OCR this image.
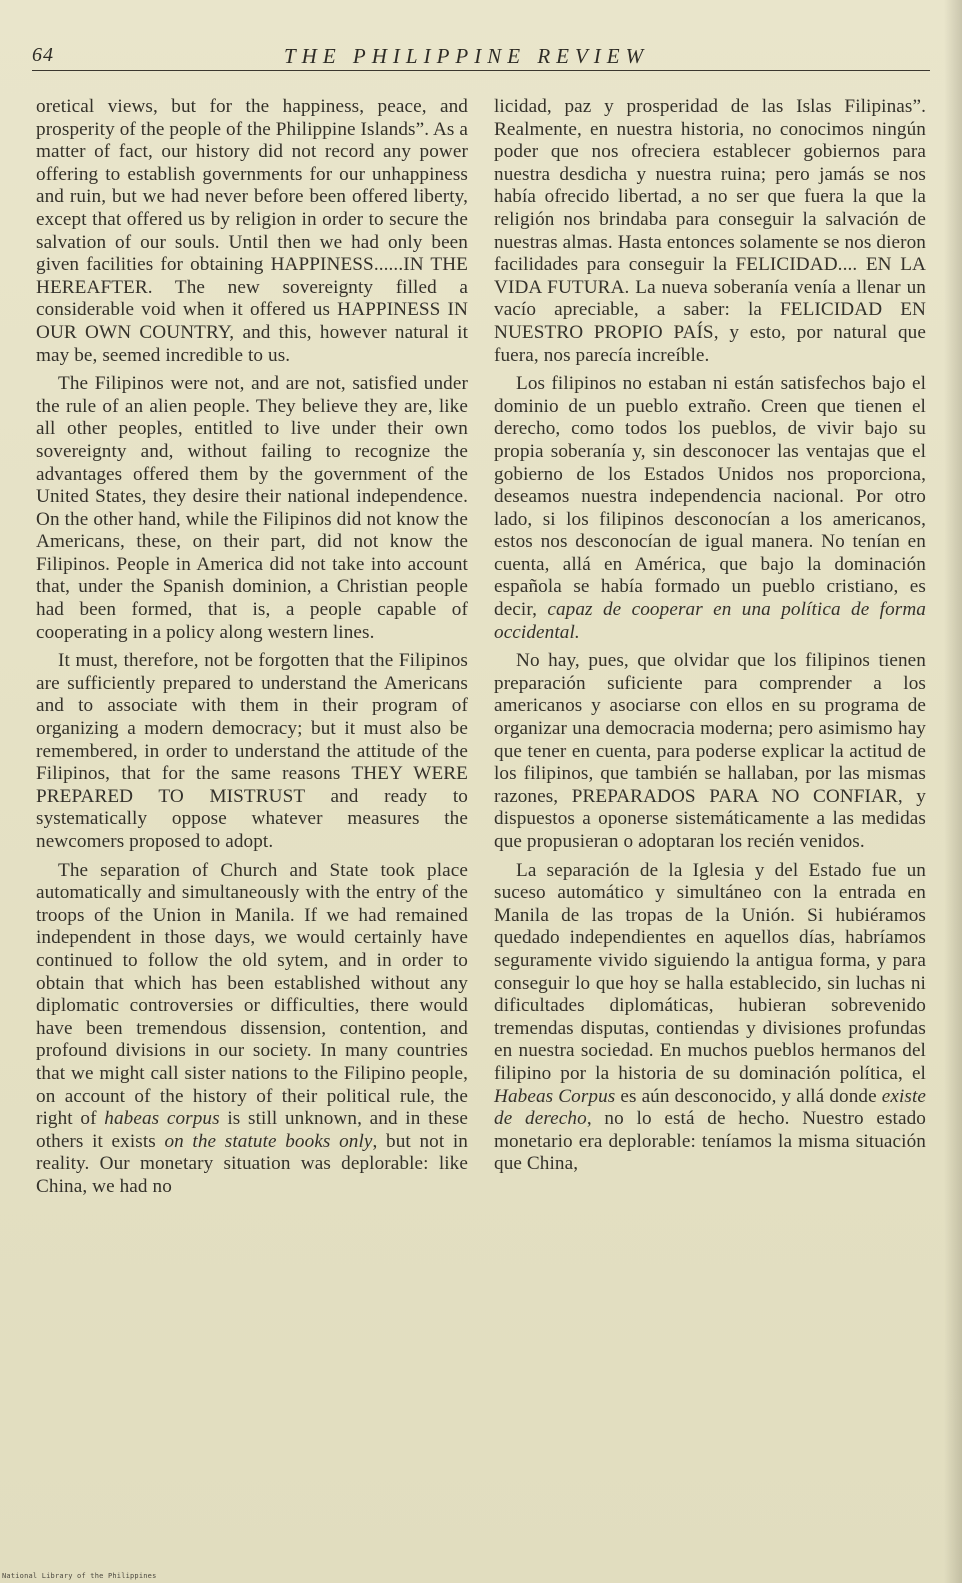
64	THE PHILIPPINE REVIEW

oretical views, but for the happiness, peace, and prosperity of the people of the Philippine Islands”. As a matter of fact, our history did not record any power offering to establish governments for our unhappiness and ruin, but we had never before been offered liberty, except that offered us by religion in order to secure the salvation of our souls. Until then we had only been given facilities for obtaining HAPPINESS......IN THE HEREAFTER. The new sovereignty filled a considerable void when it offered us HAPPINESS IN OUR OWN COUNTRY, and this, however natural it may be, seemed incredible to us.

The Filipinos were not, and are not, satisfied under the rule of an alien people. They believe they are, like all other peoples, entitled to live under their own sovereignty and, without failing to recognize the advantages offered them by the government of the United States, they desire their national independence. On the other hand, while the Filipinos did not know the Americans, these, on their part, did not know the Filipinos. People in America did not take into account that, under the Spanish dominion, a Christian people had been formed, that is, a people capable of cooperating in a policy along western lines.

It must, therefore, not be forgotten that the Filipinos are sufficiently prepared to understand the Americans and to associate with them in their program of organizing a modern democracy; but it must also be remembered, in order to understand the attitude of the Filipinos, that for the same reasons THEY WERE PREPARED TO MISTRUST and ready to systematically oppose whatever measures the newcomers proposed to adopt.

The separation of Church and State took place automatically and simultaneously with the entry of the troops of the Union in Manila. If we had remained independent in those days, we would certainly have continued to follow the old sytem, and in order to obtain that which has been established without any diplomatic controversies or difficulties, there would have been tremendous dissension, contention, and profound divisions in our society. In many countries that we might call sister nations to the Filipino people, on account of the history of their political rule, the right of habeas corpus is still unknown, and in these others it exists on the statute books only, but not in reality. Our monetary situation was deplorable: like China, we had no

licidad, paz y prosperidad de las Islas Filipinas”. Realmente, en nuestra historia, no conocimos ningún poder que nos ofreciera establecer gobiernos para nuestra desdicha y nuestra ruina; pero jamás se nos había ofrecido libertad, a no ser que fuera la que la religión nos brindaba para conseguir la salvación de nuestras almas. Hasta entonces solamente se nos dieron facilidades para conseguir la FELICIDAD.... EN LA VIDA FUTURA. La nueva soberanía venía a llenar un vacío apreciable, a saber: la FELICIDAD EN NUESTRO PROPIO PAÍS, y esto, por natural que fuera, nos parecía increíble.

Los filipinos no estaban ni están satisfechos bajo el dominio de un pueblo extraño. Creen que tienen el derecho, como todos los pueblos, de vivir bajo su propia soberanía y, sin desconocer las ventajas que el gobierno de los Estados Unidos nos proporciona, deseamos nuestra independencia nacional. Por otro lado, si los filipinos desconocían a los americanos, estos nos desconocían de igual manera. No tenían en cuenta, allá en América, que bajo la dominación española se había formado un pueblo cristiano, es decir, capaz de cooperar en una política de forma occidental.

No hay, pues, que olvidar que los filipinos tienen preparación suficiente para comprender a los americanos y asociarse con ellos en su programa de organizar una democracia moderna; pero asimismo hay que tener en cuenta, para poderse explicar la actitud de los filipinos, que también se hallaban, por las mismas razones, PREPARADOS PARA NO CONFIAR, y dispuestos a oponerse sistemáticamente a las medidas que propusieran o adoptaran los recién venidos.

La separación de la Iglesia y del Estado fue un suceso automático y simultáneo con la entrada en Manila de las tropas de la Unión. Si hubiéramos quedado independientes en aquellos días, habríamos seguramente vivido siguiendo la antigua forma, y para conseguir lo que hoy se halla establecido, sin luchas ni dificultades diplomáticas, hubieran sobrevenido tremendas disputas, contiendas y divisiones profundas en nuestra sociedad. En muchos pueblos hermanos del filipino por la historia de su dominación política, el Habeas Corpus es aún desconocido, y allá donde existe de derecho, no lo está de hecho. Nuestro estado monetario era deplorable: teníamos la misma situación que China,

National Library of the Philippines
